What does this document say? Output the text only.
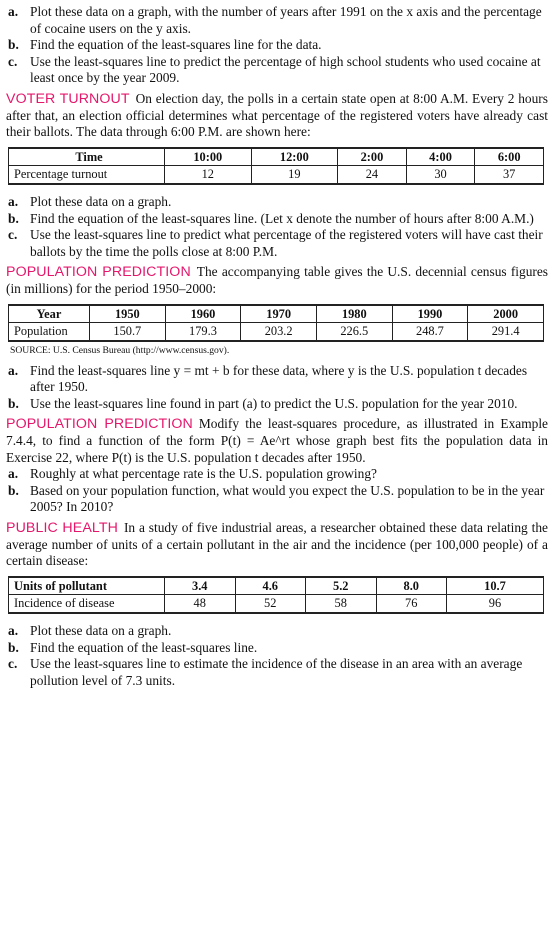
a. Plot these data on a graph, with the number of years after 1991 on the x axis and the percentage of cocaine users on the y axis.
b. Find the equation of the least-squares line for the data.
c. Use the least-squares line to predict the percentage of high school students who used cocaine at least once by the year 2009.

VOTER TURNOUT On election day, the polls in a certain state open at 8:00 A.M. Every 2 hours after that, an election official determines what percentage of the registered voters have already cast their ballots. The data through 6:00 P.M. are shown here:

Time	10:00	12:00	2:00	4:00	6:00
Percentage turnout	12	19	24	30	37
a. Plot these data on a graph.
b. Find the equation of the least-squares line. (Let x denote the number of hours after 8:00 A.M.)
c. Use the least-squares line to predict what percentage of the registered voters will have cast their ballots by the time the polls close at 8:00 P.M.

POPULATION PREDICTION The accompanying table gives the U.S. decennial census figures (in millions) for the period 1950–2000:

Year	1950	1960	1970	1980	1990	2000
Population	150.7	179.3	203.2	226.5	248.7	291.4
SOURCE: U.S. Census Bureau (http://www.census.gov).
a. Find the least-squares line y = mt + b for these data, where y is the U.S. population t decades after 1950.
b. Use the least-squares line found in part (a) to predict the U.S. population for the year 2010.

POPULATION PREDICTION Modify the least-squares procedure, as illustrated in Example 7.4.4, to find a function of the form P(t) = Ae^rt whose graph best fits the population data in Exercise 22, where P(t) is the U.S. population t decades after 1950.

a. Roughly at what percentage rate is the U.S. population growing?
b. Based on your population function, what would you expect the U.S. population to be in the year 2005? In 2010?

PUBLIC HEALTH In a study of five industrial areas, a researcher obtained these data relating the average number of units of a certain pollutant in the air and the incidence (per 100,000 people) of a certain disease:

Units of pollutant	3.4	4.6	5.2	8.0	10.7
Incidence of disease	48	52	58	76	96
a. Plot these data on a graph.
b. Find the equation of the least-squares line.
c. Use the least-squares line to estimate the incidence of the disease in an area with an average pollution level of 7.3 units.
